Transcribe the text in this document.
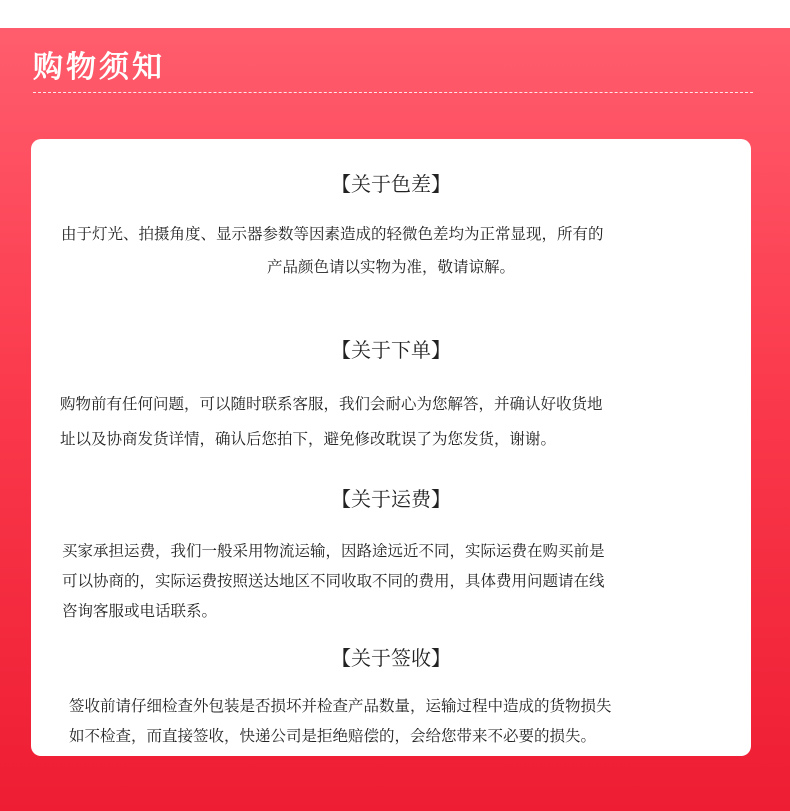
购物须知
【关于色差】
由于灯光、拍摄角度、显示器参数等因素造成的轻微色差均为正常显现，所有的
产品颜色请以实物为准，敬请谅解。
【关于下单】
购物前有任何问题，可以随时联系客服，我们会耐心为您解答，并确认好收货地
址以及协商发货详情，确认后您拍下，避免修改耽误了为您发货，谢谢。
【关于运费】
买家承担运费，我们一般采用物流运输，因路途远近不同，实际运费在购买前是
可以协商的，实际运费按照送达地区不同收取不同的费用，具体费用问题请在线
咨询客服或电话联系。
【关于签收】
签收前请仔细检查外包装是否损坏并检查产品数量，运输过程中造成的货物损失
如不检查，而直接签收，快递公司是拒绝赔偿的，会给您带来不必要的损失。
